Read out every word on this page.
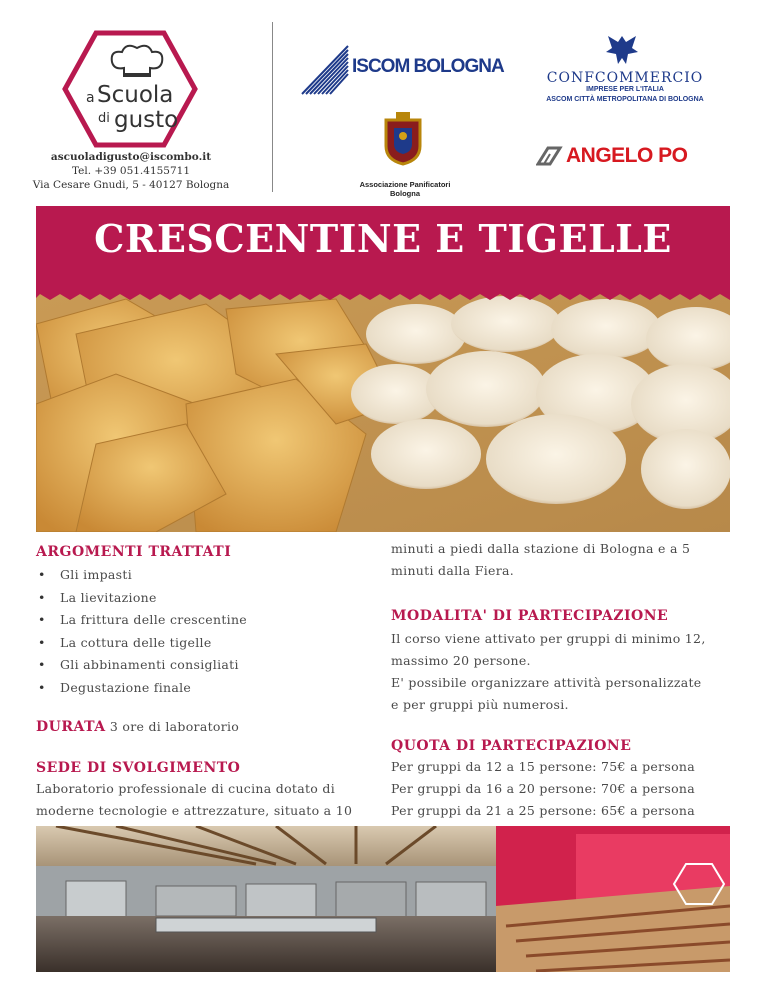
a Scuola
di gusto
ascuoladigusto@iscombo.it
Tel. +39 051.4155711
Via Cesare Gnudi, 5 - 40127 Bologna
ISCOM BOLOGNA
CONFCOMMERCIO
IMPRESE PER L'ITALIA
ASCOM CITTÀ METROPOLITANA DI BOLOGNA
Associazione Panificatori Bologna
ANGELO PO
CRESCENTINE E TIGELLE
ARGOMENTI TRATTATI
• Gli impasti
• La lievitazione
• La frittura delle crescentine
• La cottura delle tigelle
• Gli abbinamenti consigliati
• Degustazione finale
DURATA 3 ore di laboratorio
SEDE DI SVOLGIMENTO
Laboratorio professionale di cucina dotato di
moderne tecnologie e attrezzature, situato a 10
minuti a piedi dalla stazione di Bologna e a 5
minuti dalla Fiera.
MODALITA' DI PARTECIPAZIONE
Il corso viene attivato per gruppi di minimo 12,
massimo 20 persone.
E' possibile organizzare attività personalizzate
e per gruppi più numerosi.
QUOTA DI PARTECIPAZIONE
Per gruppi da 12 a 15 persone: 75€ a persona
Per gruppi da 16 a 20 persone: 70€ a persona
Per gruppi da 21 a 25 persone: 65€ a persona
